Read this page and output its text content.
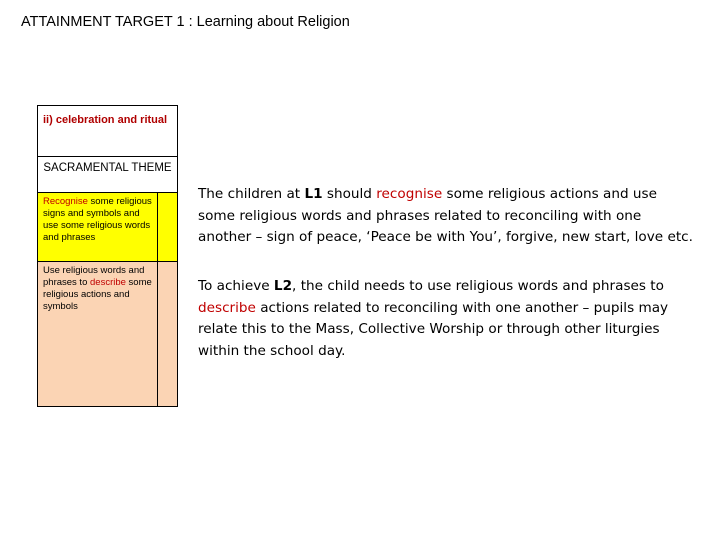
ATTAINMENT TARGET 1 : Learning about Religion
ii) celebration and ritual
SACRAMENTAL THEME
Recognise some religious signs and symbols and use some religious words and phrases
Use religious words and phrases to describe some religious actions and symbols
The children at L1 should recognise some religious actions and use some religious words and phrases related to reconciling with one another – sign of peace, ‘Peace be with You’, forgive, new start, love etc.
To achieve L2, the child needs to use religious words and phrases to describe actions related to reconciling with one another – pupils may relate this to the Mass, Collective Worship or through other liturgies within the school day.
